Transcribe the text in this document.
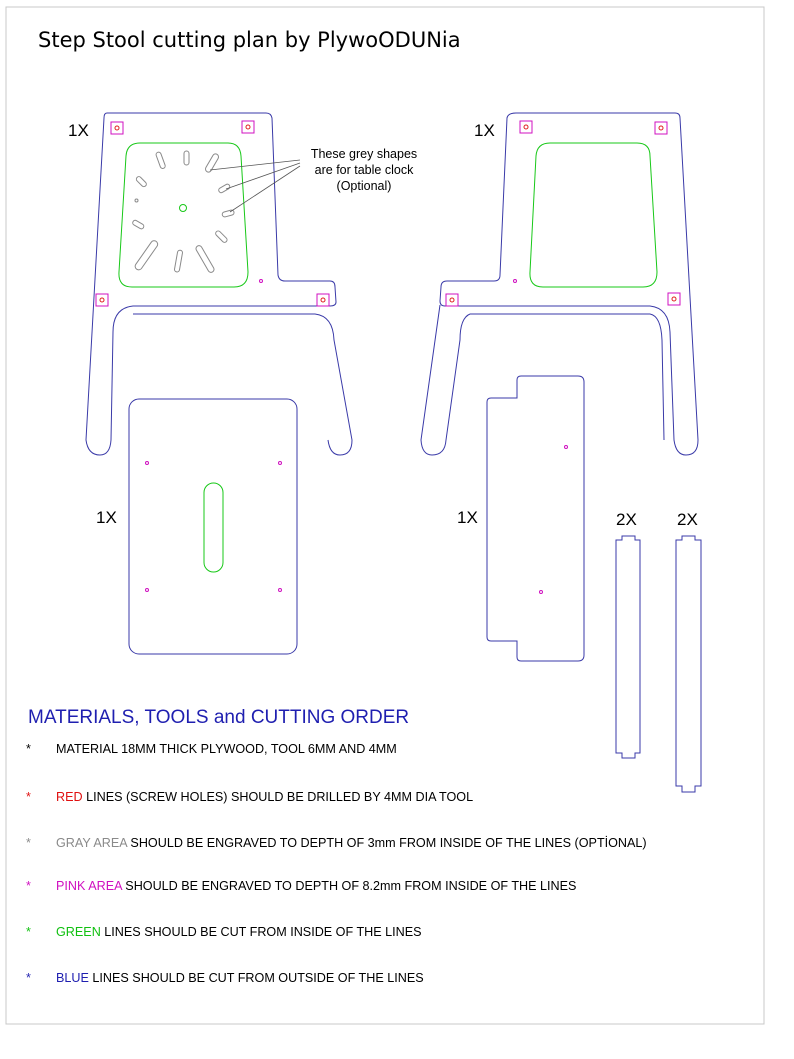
Step Stool cutting plan by PlywoODUNia
1X	1X
1X	1X	2X 2X
These grey shapes
are for table clock
(Optional)
MATERIALS, TOOLS and CUTTING ORDER
* MATERIAL 18MM THICK PLYWOOD, TOOL 6MM AND 4MM
* RED LINES (SCREW HOLES) SHOULD BE DRILLED BY 4MM DIA TOOL
* GRAY AREA SHOULD BE ENGRAVED TO DEPTH OF 3mm FROM INSIDE OF THE LINES (OPTİONAL)
* PINK AREA SHOULD BE ENGRAVED TO DEPTH OF 8.2mm FROM INSIDE OF THE LINES
* GREEN LINES SHOULD BE CUT FROM INSIDE OF THE LINES
* BLUE LINES SHOULD BE CUT FROM OUTSIDE OF THE LINES
